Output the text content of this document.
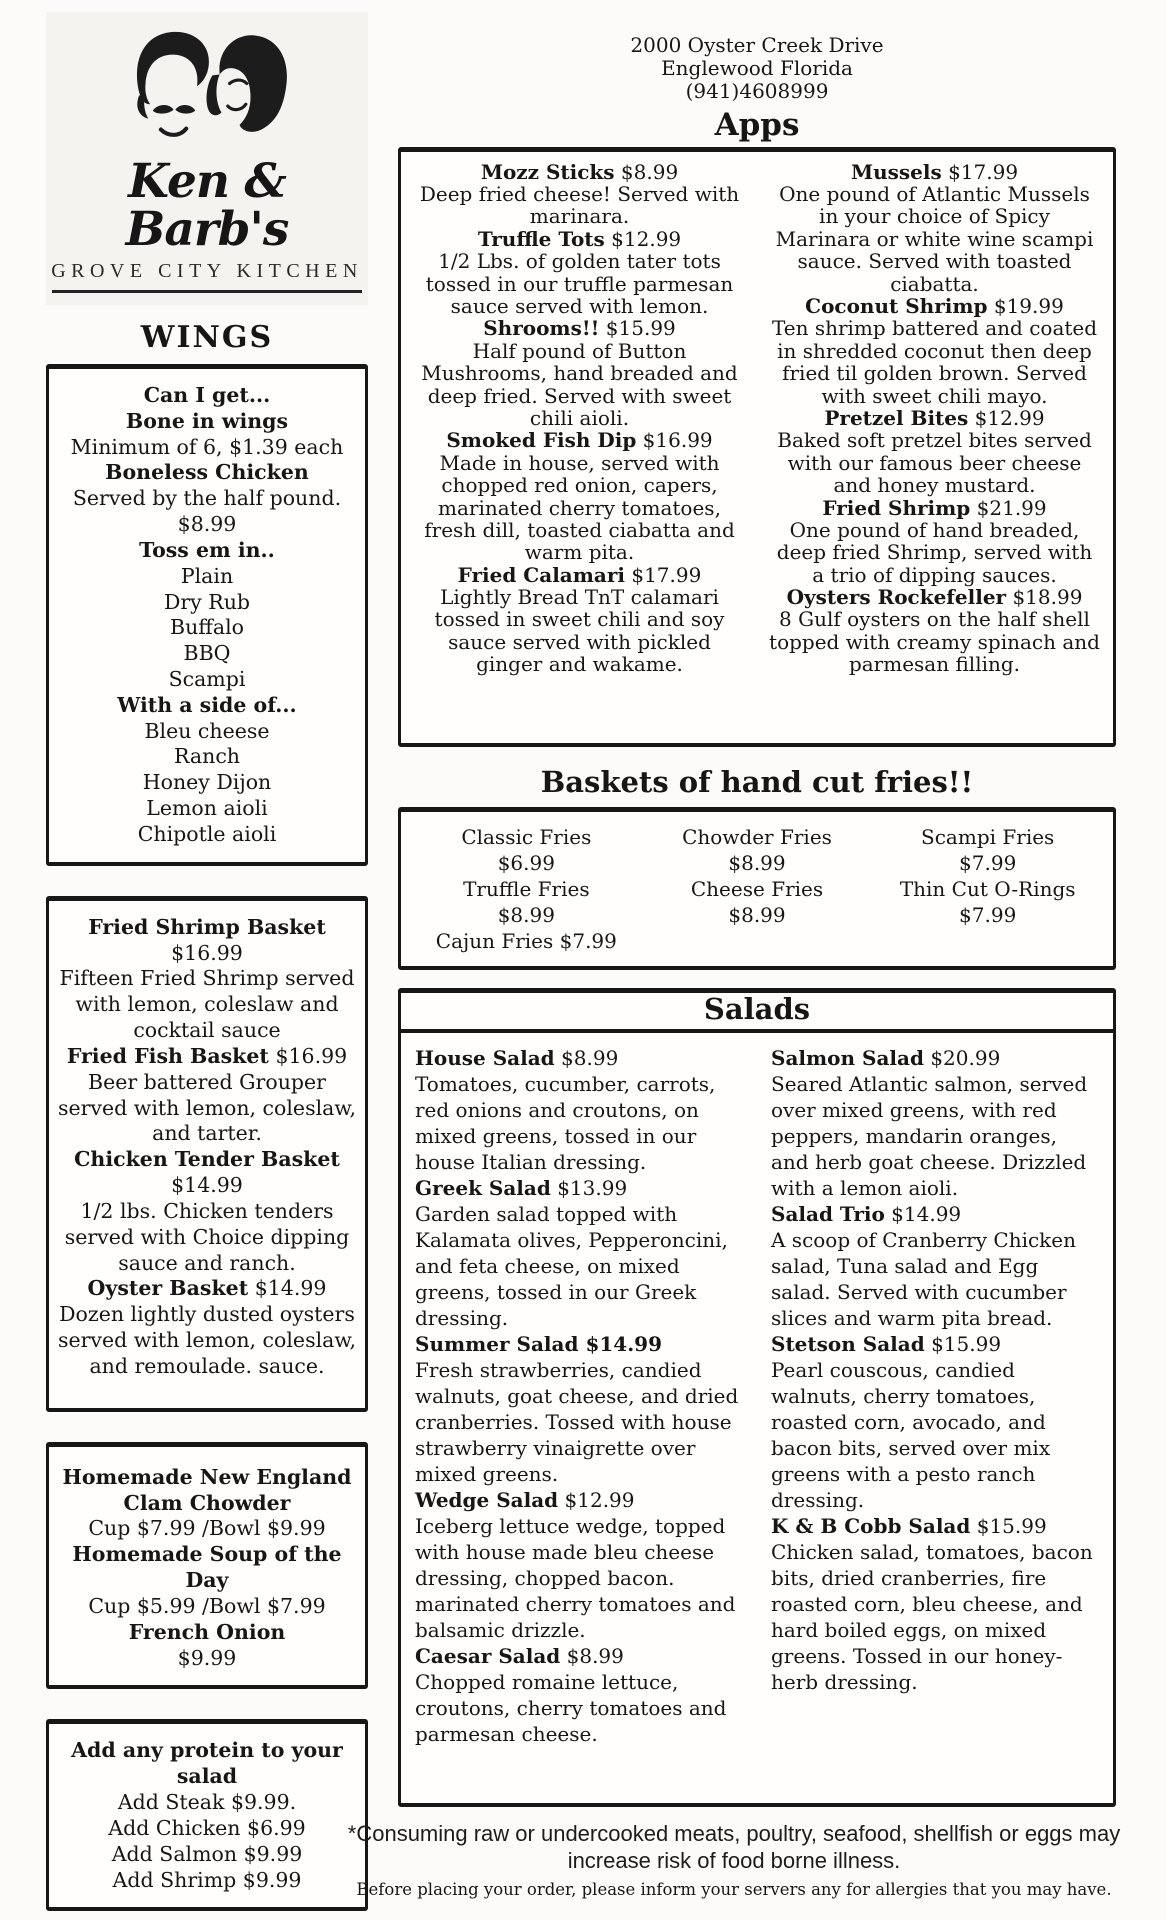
Ken & Barb's
GROVE CITY KITCHEN
WINGS
Can I get...
Bone in wings
Minimum of 6, $1.39 each
Boneless Chicken
Served by the half pound.
$8.99
Toss em in..
Plain
Dry Rub
Buffalo
BBQ
Scampi
With a side of...
Bleu cheese
Ranch
Honey Dijon
Lemon aioli
Chipotle aioli
Fried Shrimp Basket $16.99
Fifteen Fried Shrimp served with lemon, coleslaw and cocktail sauce
Fried Fish Basket $16.99
Beer battered Grouper served with lemon, coleslaw, and tarter.
Chicken Tender Basket $14.99
1/2 lbs. Chicken tenders served with Choice dipping sauce and ranch.
Oyster Basket $14.99
Dozen lightly dusted oysters served with lemon, coleslaw, and remoulade. sauce.
Homemade New England Clam Chowder
Cup $7.99 /Bowl $9.99
Homemade Soup of the Day
Cup $5.99 /Bowl $7.99
French Onion
$9.99
Add any protein to your salad
Add Steak $9.99.
Add Chicken $6.99
Add Salmon $9.99
Add Shrimp $9.99
2000 Oyster Creek Drive
Englewood Florida
(941)4608999
Apps
Mozz Sticks $8.99
Deep fried cheese! Served with marinara.
Truffle Tots $12.99
1/2 Lbs. of golden tater tots tossed in our truffle parmesan sauce served with lemon.
Shrooms!! $15.99
Half pound of Button Mushrooms, hand breaded and deep fried. Served with sweet chili aioli.
Smoked Fish Dip $16.99
Made in house, served with chopped red onion, capers, marinated cherry tomatoes, fresh dill, toasted ciabatta and warm pita.
Fried Calamari $17.99
Lightly Bread TnT calamari tossed in sweet chili and soy sauce served with pickled ginger and wakame.
Mussels $17.99
One pound of Atlantic Mussels in your choice of Spicy Marinara or white wine scampi sauce. Served with toasted ciabatta.
Coconut Shrimp $19.99
Ten shrimp battered and coated in shredded coconut then deep fried til golden brown. Served with sweet chili mayo.
Pretzel Bites $12.99
Baked soft pretzel bites served with our famous beer cheese and honey mustard.
Fried Shrimp $21.99
One pound of hand breaded, deep fried Shrimp, served with a trio of dipping sauces.
Oysters Rockefeller $18.99
8 Gulf oysters on the half shell topped with creamy spinach and parmesan filling.
Baskets of hand cut fries!!
Classic Fries
$6.99
Truffle Fries
$8.99
Cajun Fries $7.99
Chowder Fries
$8.99
Cheese Fries
$8.99
Scampi Fries
$7.99
Thin Cut O-Rings
$7.99
Salads
House Salad $8.99
Tomatoes, cucumber, carrots, red onions and croutons, on mixed greens, tossed in our house Italian dressing.
Greek Salad $13.99
Garden salad topped with Kalamata olives, Pepperoncini, and feta cheese, on mixed greens, tossed in our Greek dressing.
Summer Salad $14.99
Fresh strawberries, candied walnuts, goat cheese, and dried cranberries. Tossed with house strawberry vinaigrette over mixed greens.
Wedge Salad $12.99
Iceberg lettuce wedge, topped with house made bleu cheese dressing, chopped bacon. marinated cherry tomatoes and balsamic drizzle.
Caesar Salad $8.99
Chopped romaine lettuce, croutons, cherry tomatoes and parmesan cheese.
Salmon Salad $20.99
Seared Atlantic salmon, served over mixed greens, with red peppers, mandarin oranges, and herb goat cheese. Drizzled with a lemon aioli.
Salad Trio $14.99
A scoop of Cranberry Chicken salad, Tuna salad and Egg salad. Served with cucumber slices and warm pita bread.
Stetson Salad $15.99
Pearl couscous, candied walnuts, cherry tomatoes, roasted corn, avocado, and bacon bits, served over mix greens with a pesto ranch dressing.
K & B Cobb Salad $15.99
Chicken salad, tomatoes, bacon bits, dried cranberries, fire roasted corn, bleu cheese, and hard boiled eggs, on mixed greens. Tossed in our honey-herb dressing.
*Consuming raw or undercooked meats, poultry, seafood, shellfish or eggs may increase risk of food borne illness.
Before placing your order, please inform your servers any for allergies that you may have.
